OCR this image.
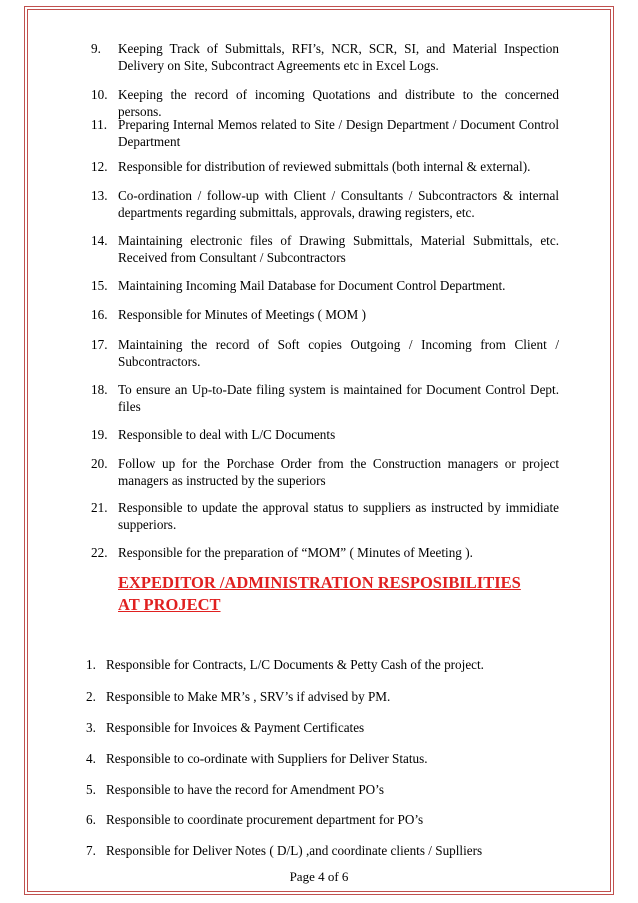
9. Keeping Track of Submittals, RFI’s, NCR, SCR, SI, and Material Inspection Delivery on Site, Subcontract Agreements etc in Excel Logs.
10. Keeping the record of incoming Quotations and distribute to the concerned persons.
11. Preparing Internal Memos related to Site / Design Department / Document Control Department
12. Responsible for distribution of reviewed submittals (both internal & external).
13. Co-ordination / follow-up with Client / Consultants / Subcontractors & internal departments regarding submittals, approvals, drawing registers, etc.
14. Maintaining electronic files of Drawing Submittals, Material Submittals, etc. Received from Consultant / Subcontractors
15. Maintaining Incoming Mail Database for Document Control Department.
16. Responsible for Minutes of Meetings ( MOM )
17. Maintaining the record of Soft copies Outgoing / Incoming from Client / Subcontractors.
18. To ensure an Up-to-Date filing system is maintained for Document Control Dept. files
19. Responsible to deal with L/C Documents
20. Follow up for the Porchase Order from the Construction managers or project managers as instructed by the superiors
21. Responsible to update the approval status to suppliers as instructed by immidiate supperiors.
22. Responsible for the preparation of “MOM” ( Minutes of Meeting ).
EXPEDITOR /ADMINISTRATION RESPOSIBILITIES AT PROJECT
1. Responsible for Contracts, L/C Documents & Petty Cash of the project.
2. Responsible to Make MR’s , SRV’s if advised by PM.
3. Responsible for Invoices & Payment Certificates
4. Responsible to co-ordinate with Suppliers for Deliver Status.
5. Responsible to have the record for Amendment PO’s
6. Responsible to coordinate procurement department for PO’s
7. Responsible for Deliver Notes ( D/L) ,and coordinate clients / Suplliers
Page 4 of 6
